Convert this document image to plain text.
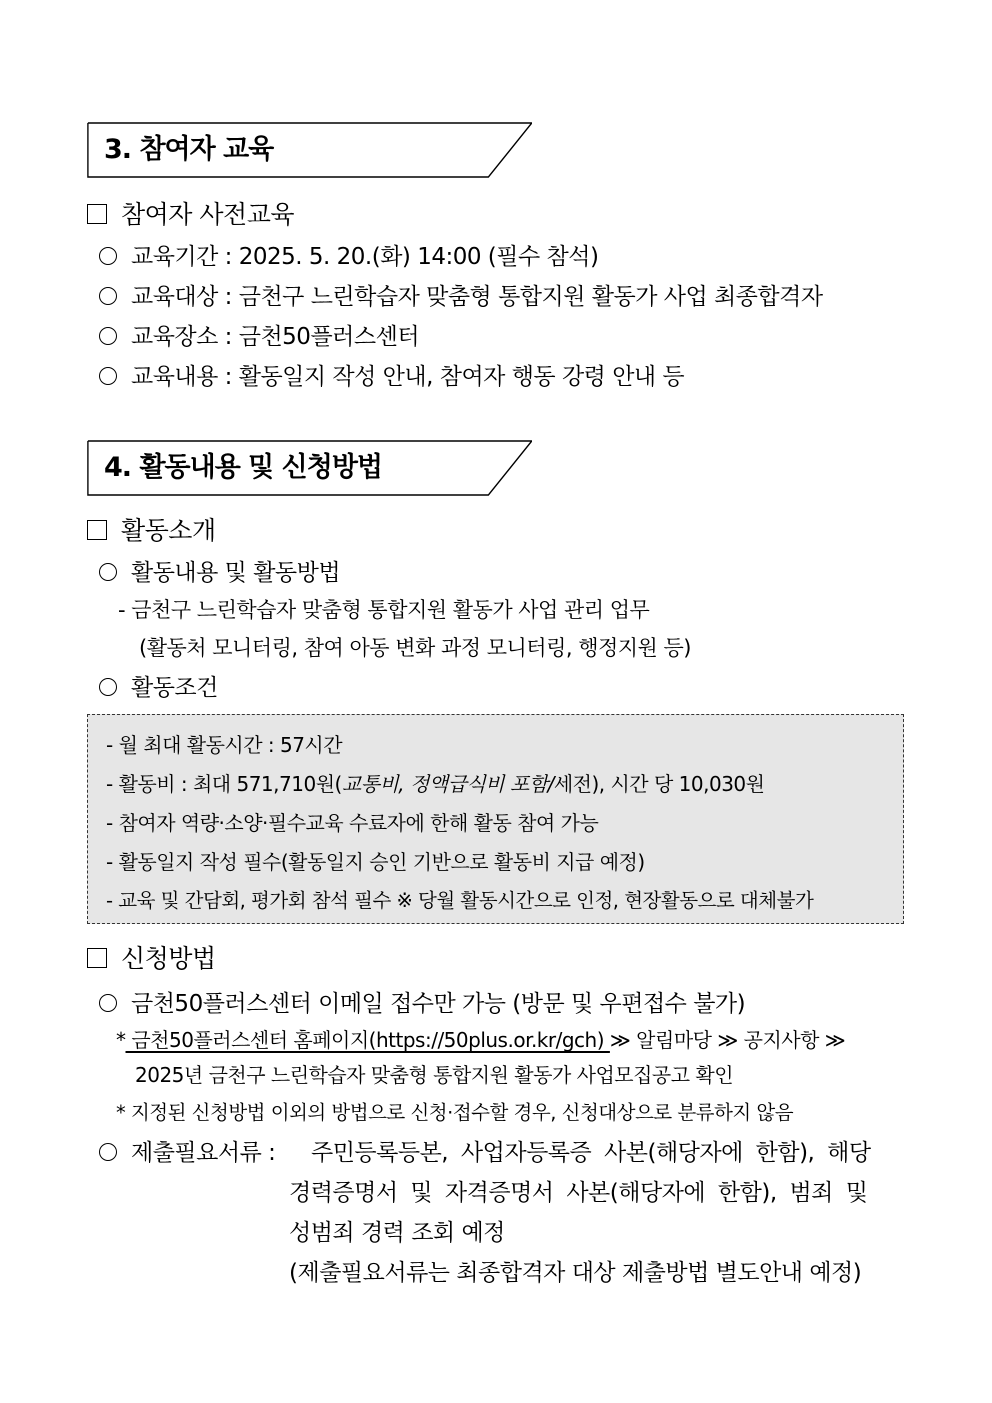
3. 참여자 교육
참여자 사전교육
교육기간 : 2025. 5. 20.(화) 14:00 (필수 참석)
교육대상 : 금천구 느린학습자 맞춤형 통합지원 활동가 사업 최종합격자
교육장소 : 금천50플러스센터
교육내용 : 활동일지 작성 안내, 참여자 행동 강령 안내 등
4. 활동내용 및 신청방법
활동소개
활동내용 및 활동방법
- 금천구 느린학습자 맞춤형 통합지원 활동가 사업 관리 업무
(활동처 모니터링, 참여 아동 변화 과정 모니터링, 행정지원 등)
활동조건
- 월 최대 활동시간 : 57시간
- 활동비 : 최대 571,710원(교통비, 정액급식비 포함/세전), 시간 당 10,030원
- 참여자 역량·소양·필수교육 수료자에 한해 활동 참여 가능
- 활동일지 작성 필수(활동일지 승인 기반으로 활동비 지급 예정)
- 교육 및 간담회, 평가회 참석 필수 ※ 당월 활동시간으로 인정, 현장활동으로 대체불가
신청방법
금천50플러스센터 이메일 접수만 가능 (방문 및 우편접수 불가)
* 금천50플러스센터 홈페이지(https://50plus.or.kr/gch) ≫ 알림마당 ≫ 공지사항 ≫
2025년 금천구 느린학습자 맞춤형 통합지원 활동가 사업모집공고 확인
* 지정된 신청방법 이외의 방법으로 신청·접수할 경우, 신청대상으로 분류하지 않음
제출필요서류 : 주민등록등본, 사업자등록증 사본(해당자에 한함), 해당
경력증명서 및 자격증명서 사본(해당자에 한함), 범죄 및
성범죄 경력 조회 예정
(제출필요서류는 최종합격자 대상 제출방법 별도안내 예정)
